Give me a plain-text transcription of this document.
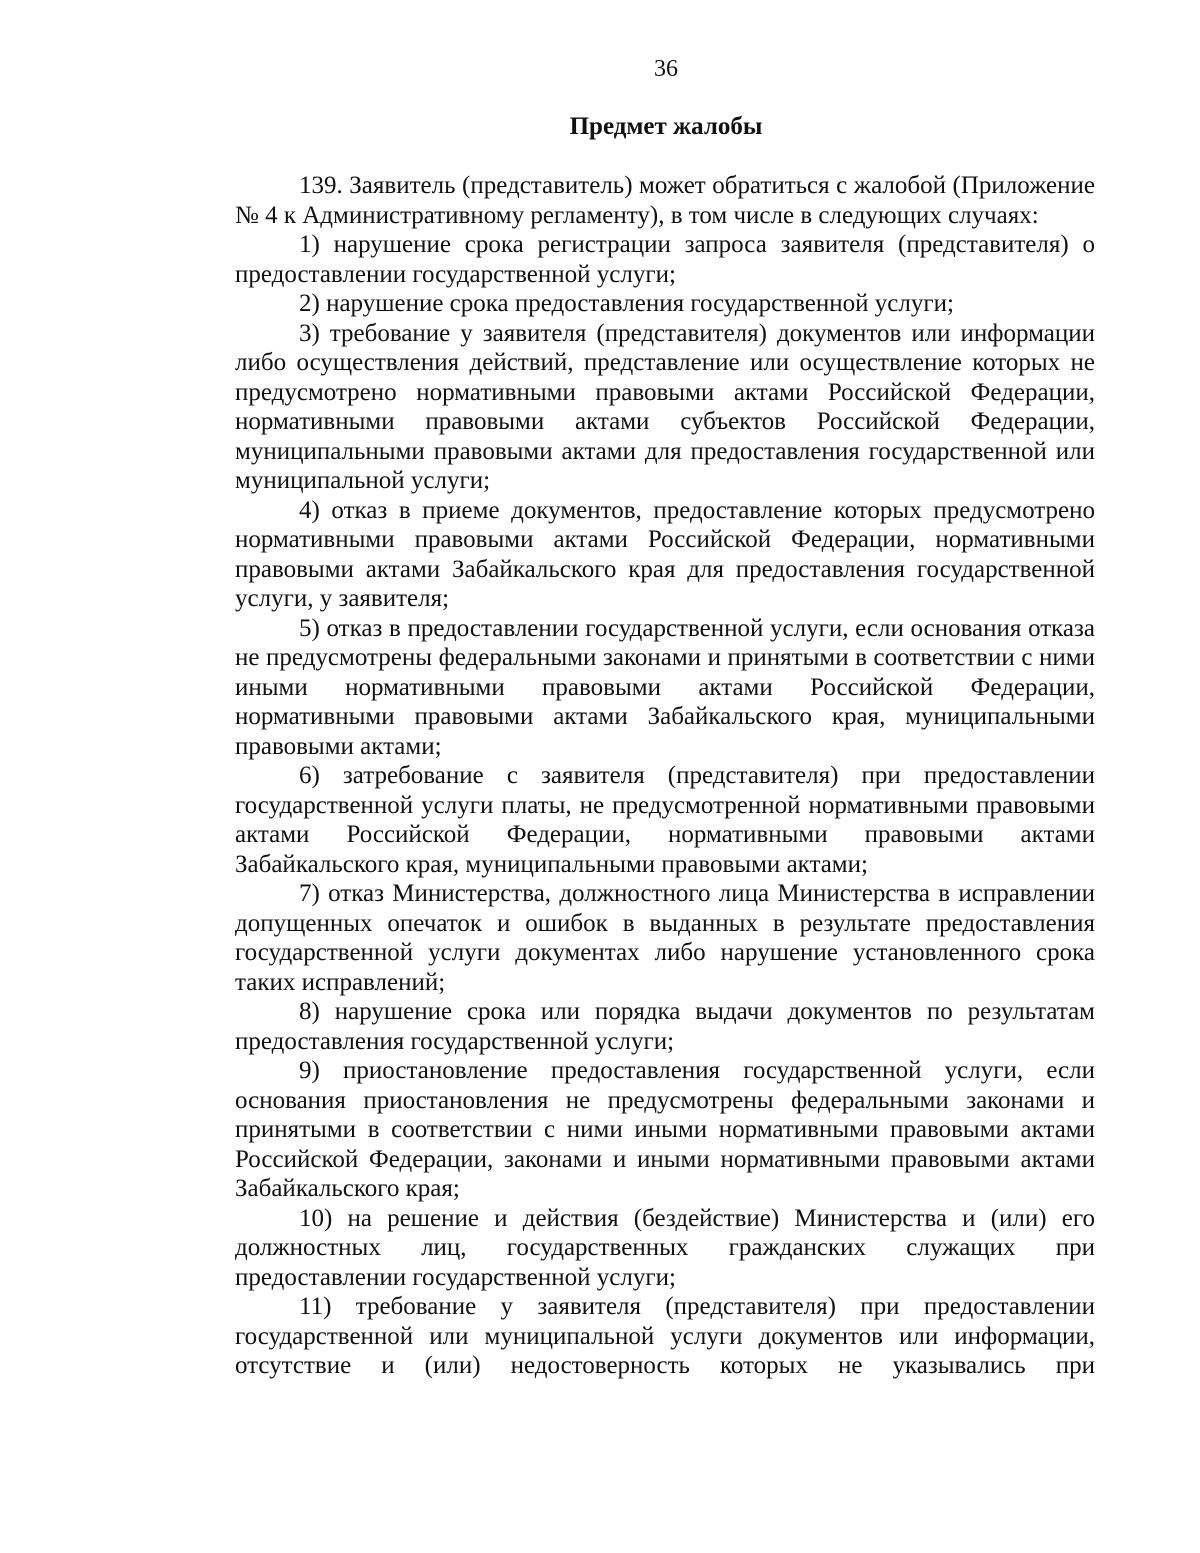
36
Предмет жалобы

139. Заявитель (представитель) может обратиться с жалобой (Приложение № 4 к Административному регламенту), в том числе в следующих случаях:

1) нарушение срока регистрации запроса заявителя (представителя) о предоставлении государственной услуги;

2) нарушение срока предоставления государственной услуги;

3) требование у заявителя (представителя) документов или информации либо осуществления действий, представление или осуществление которых не предусмотрено нормативными правовыми актами Российской Федерации, нормативными правовыми актами субъектов Российской Федерации, муниципальными правовыми актами для предоставления государственной или муниципальной услуги;

4) отказ в приеме документов, предоставление которых предусмотрено нормативными правовыми актами Российской Федерации, нормативными правовыми актами Забайкальского края для предоставления государственной услуги, у заявителя;

5) отказ в предоставлении государственной услуги, если основания отказа не предусмотрены федеральными законами и принятыми в соответствии с ними иными нормативными правовыми актами Российской Федерации, нормативными правовыми актами Забайкальского края, муниципальными правовыми актами;

6) затребование с заявителя (представителя) при предоставлении государственной услуги платы, не предусмотренной нормативными правовыми актами Российской Федерации, нормативными правовыми актами Забайкальского края, муниципальными правовыми актами;

7) отказ Министерства, должностного лица Министерства в исправлении допущенных опечаток и ошибок в выданных в результате предоставления государственной услуги документах либо нарушение установленного срока таких исправлений;

8) нарушение срока или порядка выдачи документов по результатам предоставления государственной услуги;

9) приостановление предоставления государственной услуги, если основания приостановления не предусмотрены федеральными законами и принятыми в соответствии с ними иными нормативными правовыми актами Российской Федерации, законами и иными нормативными правовыми актами Забайкальского края;

10) на решение и действия (бездействие) Министерства и (или) его должностных лиц, государственных гражданских служащих при предоставлении государственной услуги;

11) требование у заявителя (представителя) при предоставлении государственной или муниципальной услуги документов или информации, отсутствие и (или) недостоверность которых не указывались при
